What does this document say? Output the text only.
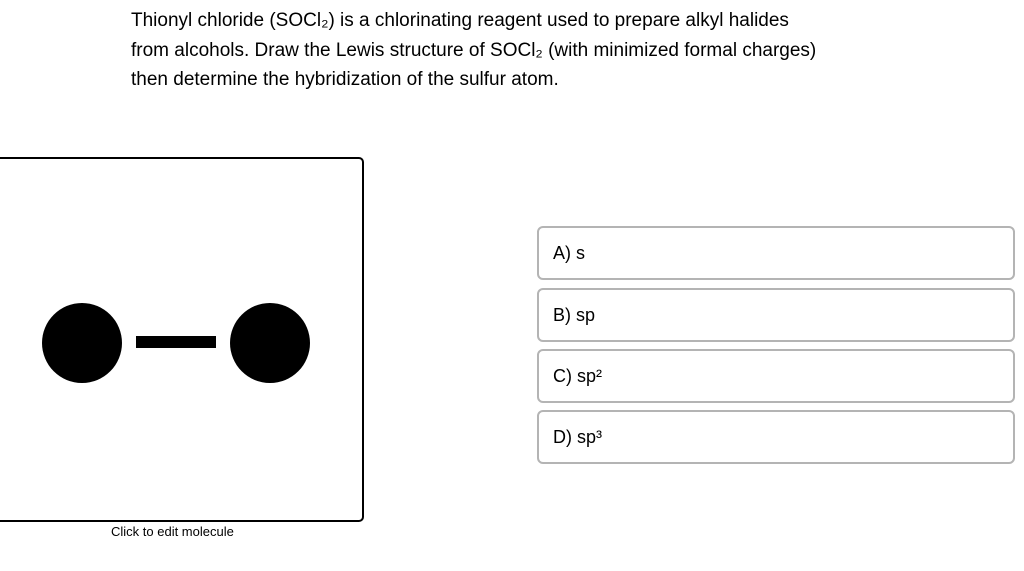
Thionyl chloride (SOCl₂) is a chlorinating reagent used to prepare alkyl halides

from alcohols. Draw the Lewis structure of SOCl₂ (with minimized formal charges)

then determine the hybridization of the sulfur atom.

Click to edit molecule
A) s
B) sp
C) sp²
D) sp³
